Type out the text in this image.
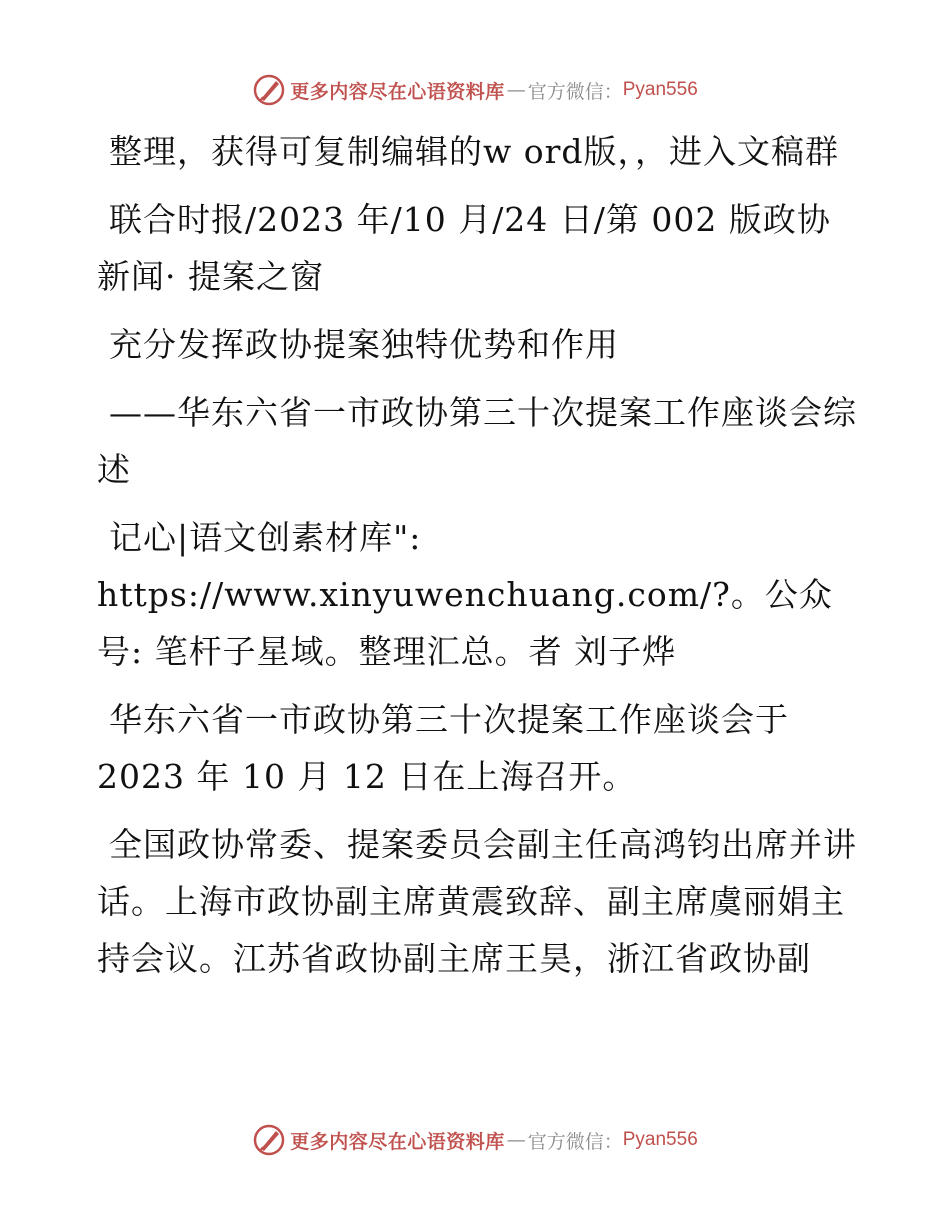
更多内容尽在心语资料库 — 官方微信： Pyan556

整理，获得可复制编辑的w ord版，，进入文稿群

联合时报/2023 年/10 月/24 日/第 002 版政协新闻· 提案之窗

充分发挥政协提案独特优势和作用

——华东六省一市政协第三十次提案工作座谈会综述

记心|语文创素材库": https://www.xinyuwenchuang.com/?。公众号: 笔杆子星域。整理汇总。者 刘子烨

华东六省一市政协第三十次提案工作座谈会于2023 年 10 月 12 日在上海召开。

全国政协常委、提案委员会副主任高鸿钧出席并讲话。上海市政协副主席黄震致辞、副主席虞丽娟主持会议。江苏省政协副主席王昊，浙江省政协副

更多内容尽在心语资料库 — 官方微信： Pyan556
